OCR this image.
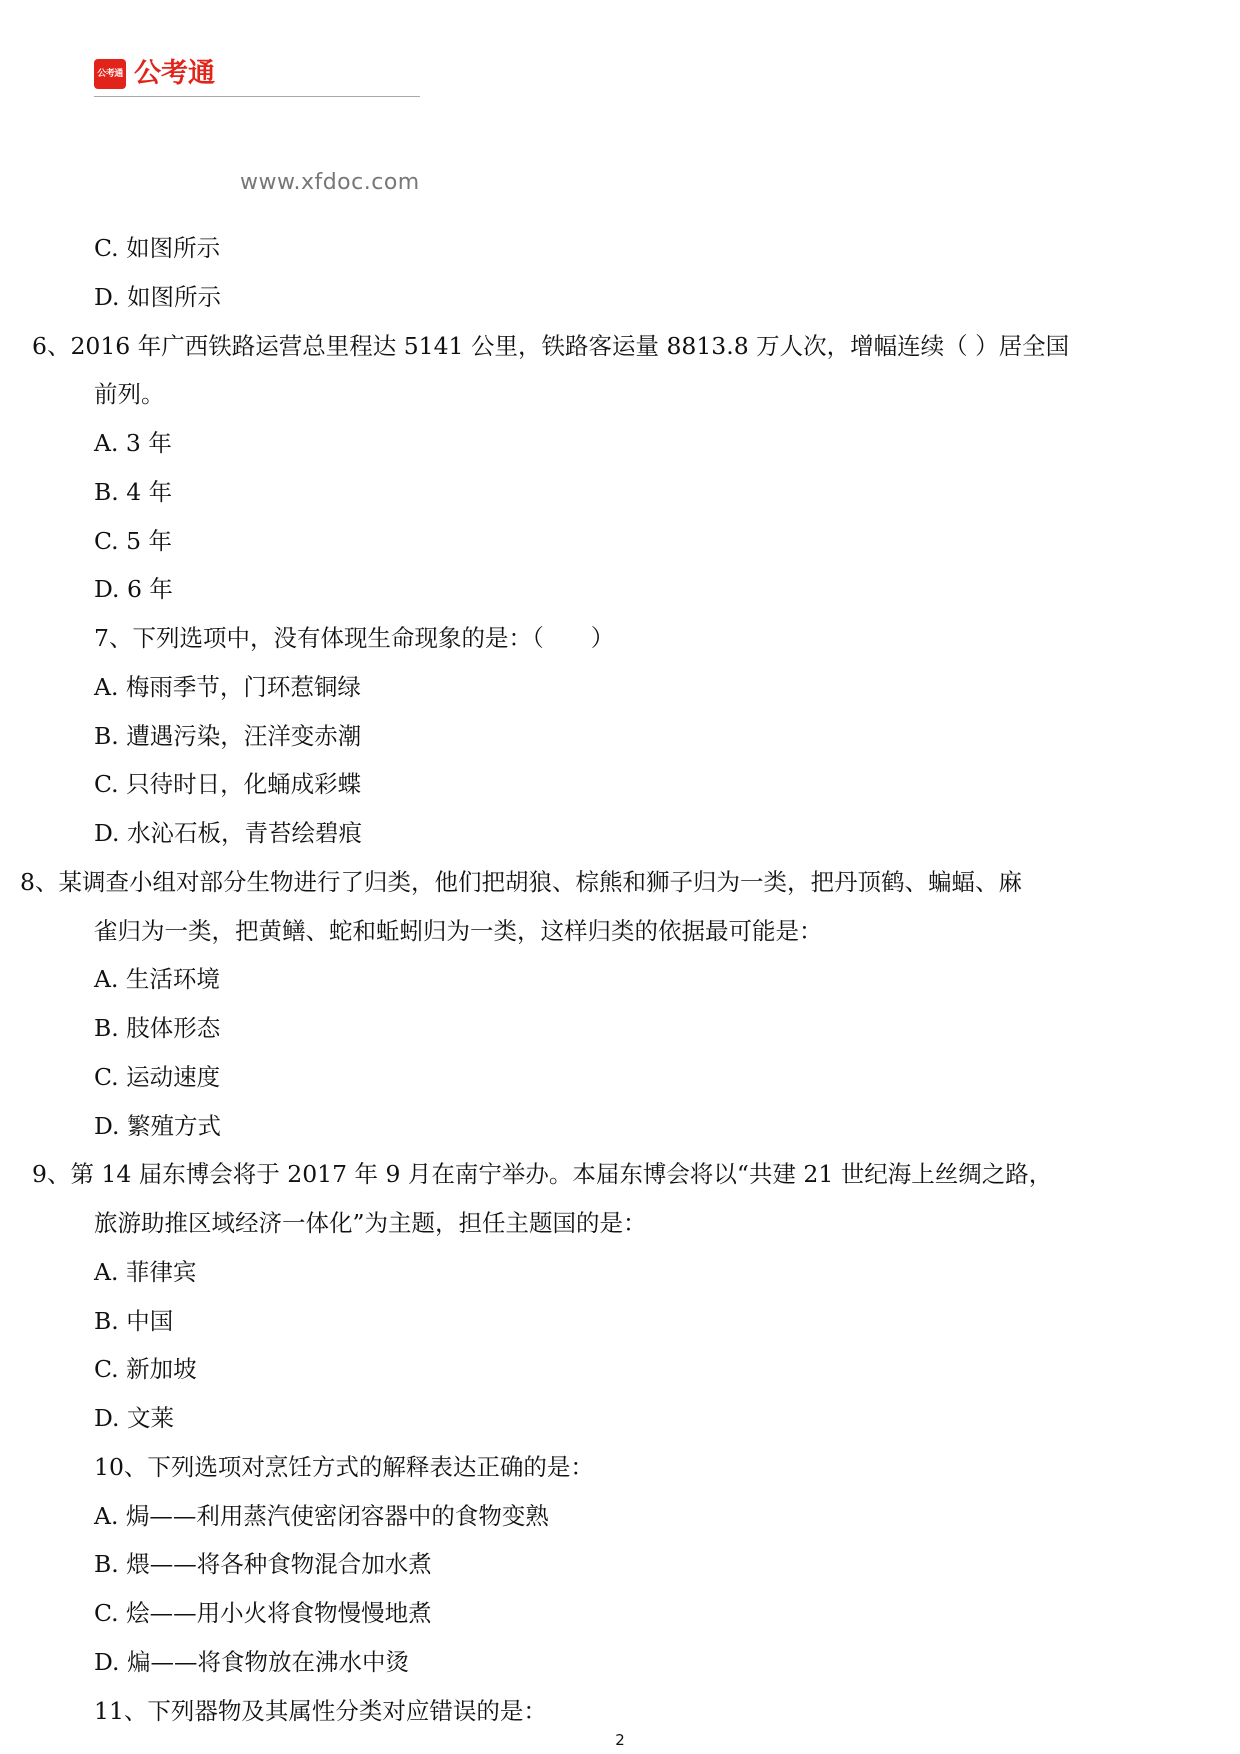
公考通 公考通
www.xfdoc.com
C. 如图所示
D. 如图所示
6、2016 年广西铁路运营总里程达 5141 公里，铁路客运量 8813.8 万人次，增幅连续（ ）居全国
前列。
A. 3 年
B. 4 年
C. 5 年
D. 6 年
7、下列选项中，没有体现生命现象的是：（　　）
A. 梅雨季节，门环惹铜绿
B. 遭遇污染，汪洋变赤潮
C. 只待时日，化蛹成彩蝶
D. 水沁石板，青苔绘碧痕
8、某调查小组对部分生物进行了归类，他们把胡狼、棕熊和狮子归为一类，把丹顶鹤、蝙蝠、麻
雀归为一类，把黄鳝、蛇和蚯蚓归为一类，这样归类的依据最可能是：
A. 生活环境
B. 肢体形态
C. 运动速度
D. 繁殖方式
9、第 14 届东博会将于 2017 年 9 月在南宁举办。本届东博会将以“共建 21 世纪海上丝绸之路，
旅游助推区域经济一体化”为主题，担任主题国的是：
A. 菲律宾
B. 中国
C. 新加坡
D. 文莱
10、下列选项对烹饪方式的解释表达正确的是：
A. 焗——利用蒸汽使密闭容器中的食物变熟
B. 煨——将各种食物混合加水煮
C. 烩——用小火将食物慢慢地煮
D. 煸——将食物放在沸水中烫
11、下列器物及其属性分类对应错误的是：
2
